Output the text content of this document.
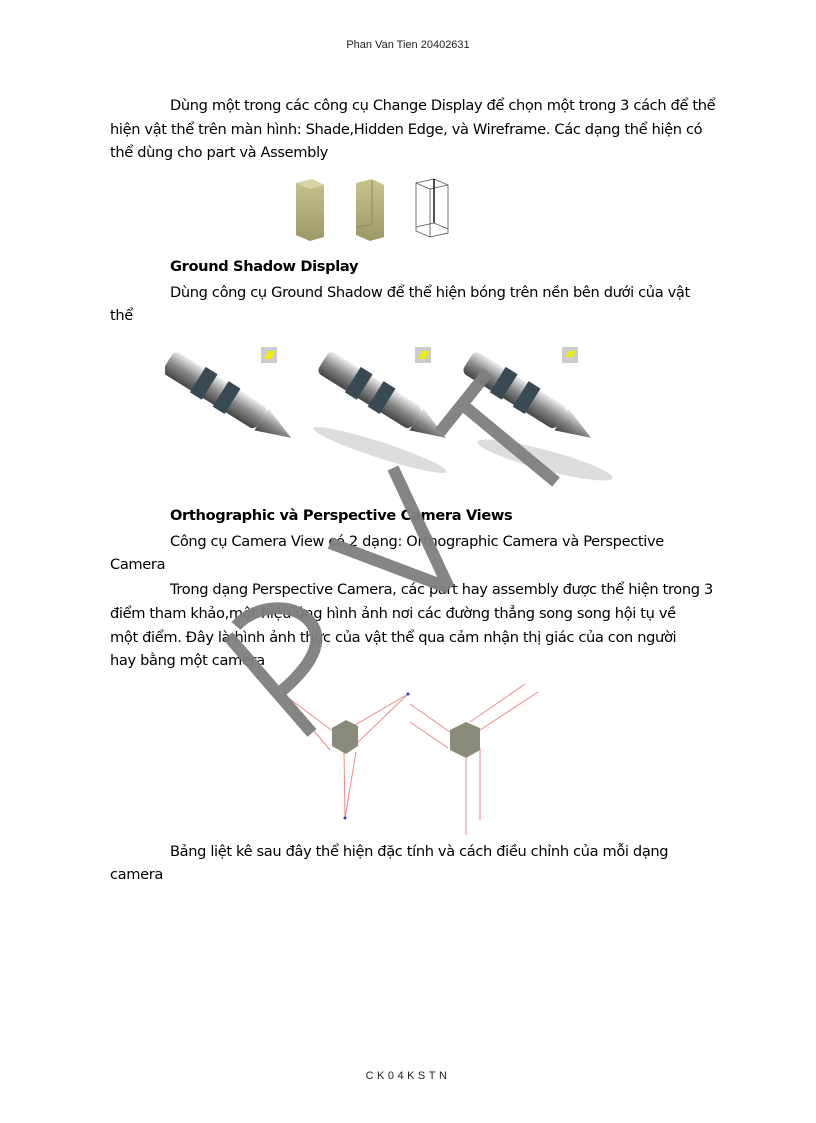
Phan Van Tien 20402631
Dùng một trong các công cụ Change Display để chọn một trong 3 cách để thể
hiện vật thể trên màn hình: Shade,Hidden Edge, và Wireframe. Các dạng thể hiện có
thể dùng cho part và Assembly
Ground Shadow Display
Dùng công cụ Ground Shadow để thể hiện bóng trên nền bên dưới của vật
thể
Orthographic và Perspective Camera Views
Công cụ Camera View có 2 dạng: Orthographic Camera và Perspective
Camera
Trong dạng Perspective Camera, các part hay assembly được thể hiện trong 3
điểm tham khảo,một hiệu ứng hình ảnh nơi các đường thẳng song song hội tụ về
một điểm. Đây là hình ảnh thực của vật thể qua cảm nhận thị giác của con người
hay bằng một camera
Bảng liệt kê sau đây thể hiện đặc tính và cách điều chỉnh của mỗi dạng
camera
CK04KSTN
